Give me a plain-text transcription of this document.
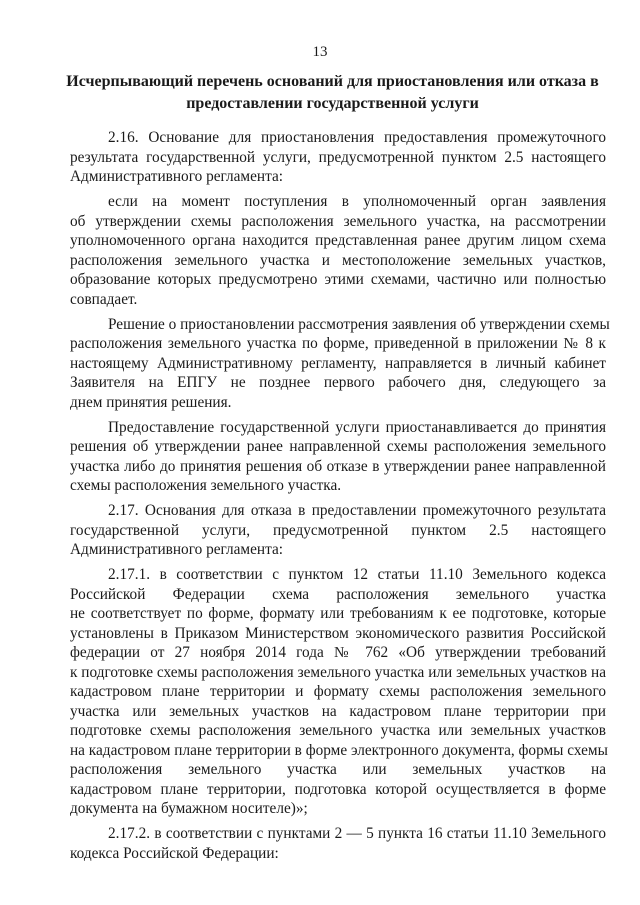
13
Исчерпывающий перечень оснований для приостановления или отказа в
предоставлении государственной услуги
2.16. Основание для приостановления предоставления промежуточного
результата государственной услуги, предусмотренной пунктом 2.5 настоящего
Административного регламента:
если на момент поступления в уполномоченный орган заявления
об утверждении схемы расположения земельного участка, на рассмотрении
уполномоченного органа находится представленная ранее другим лицом схема
расположения земельного участка и местоположение земельных участков,
образование которых предусмотрено этими схемами, частично или полностью
совпадает.
Решение о приостановлении рассмотрения заявления об утверждении схемы
расположения земельного участка по форме, приведенной в приложении № 8 к
настоящему Административному регламенту, направляется в личный кабинет
Заявителя на ЕПГУ не позднее первого рабочего дня, следующего за
днем принятия решения.
Предоставление государственной услуги приостанавливается до принятия
решения об утверждении ранее направленной схемы расположения земельного
участка либо до принятия решения об отказе в утверждении ранее направленной
схемы расположения земельного участка.
2.17. Основания для отказа в предоставлении промежуточного результата
государственной услуги, предусмотренной пунктом 2.5 настоящего
Административного регламента:
2.17.1. в соответствии с пунктом 12 статьи 11.10 Земельного кодекса
Российской Федерации схема расположения земельного участка
не соответствует по форме, формату или требованиям к ее подготовке, которые
установлены в Приказом Министерством экономического развития Российской
федерации от 27 ноября 2014 года № 762 «Об утверждении требований
к подготовке схемы расположения земельного участка или земельных участков на
кадастровом плане территории и формату схемы расположения земельного
участка или земельных участков на кадастровом плане территории при
подготовке схемы расположения земельного участка или земельных участков
на кадастровом плане территории в форме электронного документа, формы схемы
расположения земельного участка или земельных участков на
кадастровом плане территории, подготовка которой осуществляется в форме
документа на бумажном носителе)»;
2.17.2. в соответствии с пунктами 2 — 5 пункта 16 статьи 11.10 Земельного
кодекса Российской Федерации:
